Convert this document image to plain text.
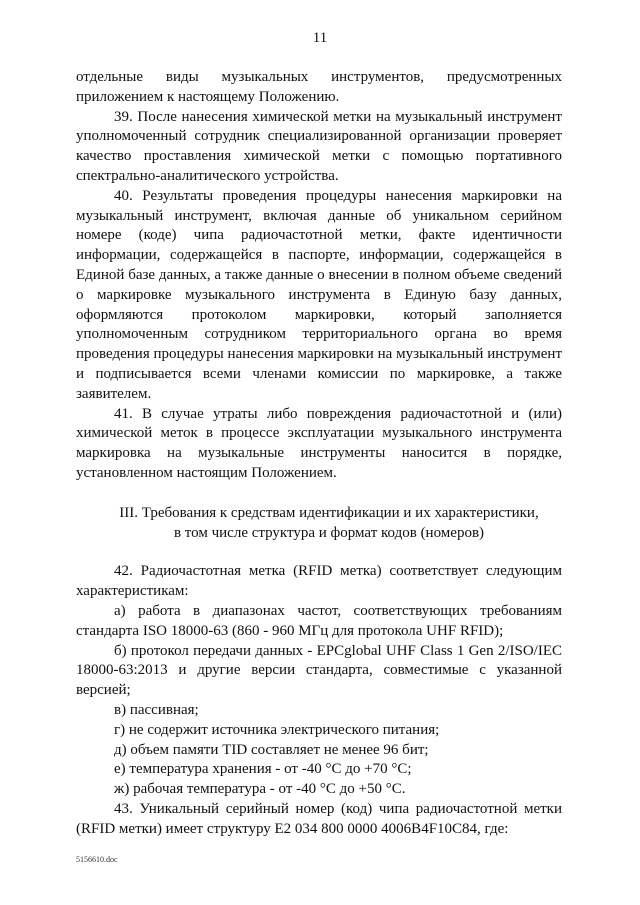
11

отдельные виды музыкальных инструментов, предусмотренных приложением к настоящему Положению.

39. После нанесения химической метки на музыкальный инструмент уполномоченный сотрудник специализированной организации проверяет качество проставления химической метки с помощью портативного спектрально-аналитического устройства.

40. Результаты проведения процедуры нанесения маркировки на музыкальный инструмент, включая данные об уникальном серийном номере (коде) чипа радиочастотной метки, факте идентичности информации, содержащейся в паспорте, информации, содержащейся в Единой базе данных, а также данные о внесении в полном объеме сведений о маркировке музыкального инструмента в Единую базу данных, оформляются протоколом маркировки, который заполняется уполномоченным сотрудником территориального органа во время проведения процедуры нанесения маркировки на музыкальный инструмент и подписывается всеми членами комиссии по маркировке, а также заявителем.

41. В случае утраты либо повреждения радиочастотной и (или) химической меток в процессе эксплуатации музыкального инструмента маркировка на музыкальные инструменты наносится в порядке, установленном настоящим Положением.

III. Требования к средствам идентификации и их характеристики,
в том числе структура и формат кодов (номеров)

42. Радиочастотная метка (RFID метка) соответствует следующим характеристикам:

а) работа в диапазонах частот, соответствующих требованиям стандарта ISO 18000-63 (860 - 960 МГц для протокола UHF RFID);

б) протокол передачи данных - EPCglobal UHF Class 1 Gen 2/ISO/IEC 18000-63:2013 и другие версии стандарта, совместимые с указанной версией;

в) пассивная;

г) не содержит источника электрического питания;

д) объем памяти TID составляет не менее 96 бит;

е) температура хранения - от -40 °С до +70 °С;

ж) рабочая температура - от -40 °С до +50 °С.

43. Уникальный серийный номер (код) чипа радиочастотной метки (RFID метки) имеет структуру E2 034 800 0000 4006B4F10C84, где:

5156610.doc
